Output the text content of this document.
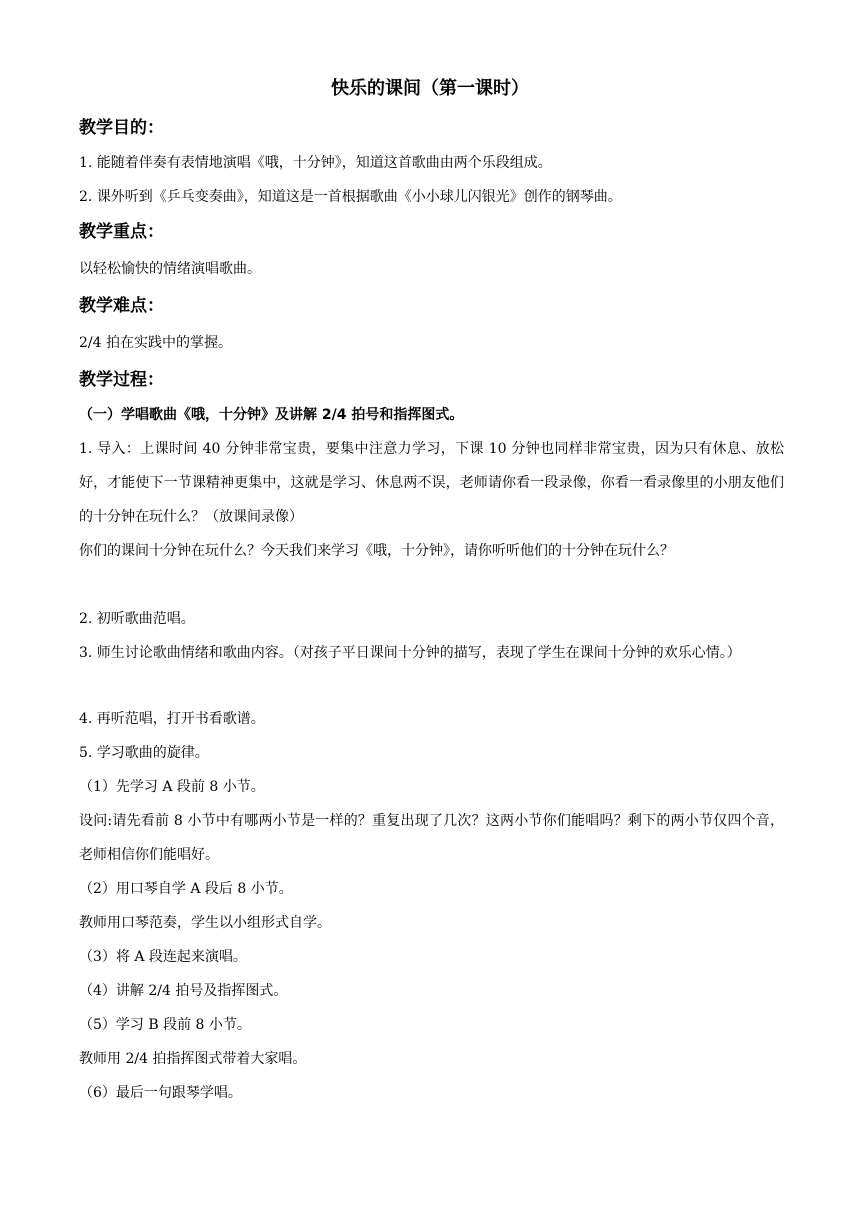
快乐的课间（第一课时）
教学目的：
1. 能随着伴奏有表情地演唱《哦，十分钟》，知道这首歌曲由两个乐段组成。
2. 课外听到《乒乓变奏曲》，知道这是一首根据歌曲《小小球儿闪银光》创作的钢琴曲。
教学重点：
以轻松愉快的情绪演唱歌曲。
教学难点：
2/4 拍在实践中的掌握。
教学过程：
（一）学唱歌曲《哦，十分钟》及讲解 2/4 拍号和指挥图式。
1. 导入：上课时间 40 分钟非常宝贵，要集中注意力学习，下课 10 分钟也同样非常宝贵，因为只有休息、放松好，才能使下一节课精神更集中，这就是学习、休息两不误，老师请你看一段录像，你看一看录像里的小朋友他们的十分钟在玩什么？（放课间录像）
你们的课间十分钟在玩什么？今天我们来学习《哦，十分钟》，请你听听他们的十分钟在玩什么？
2. 初听歌曲范唱。
3. 师生讨论歌曲情绪和歌曲内容。（对孩子平日课间十分钟的描写，表现了学生在课间十分钟的欢乐心情。）
4. 再听范唱，打开书看歌谱。
5. 学习歌曲的旋律。
（1）先学习 A 段前 8 小节。
设问:请先看前 8 小节中有哪两小节是一样的？重复出现了几次？这两小节你们能唱吗？剩下的两小节仅四个音，老师相信你们能唱好。
（2）用口琴自学 A 段后 8 小节。
教师用口琴范奏，学生以小组形式自学。
（3）将 A 段连起来演唱。
（4）讲解 2/4 拍号及指挥图式。
（5）学习 B 段前 8 小节。
教师用 2/4 拍指挥图式带着大家唱。
（6）最后一句跟琴学唱。
